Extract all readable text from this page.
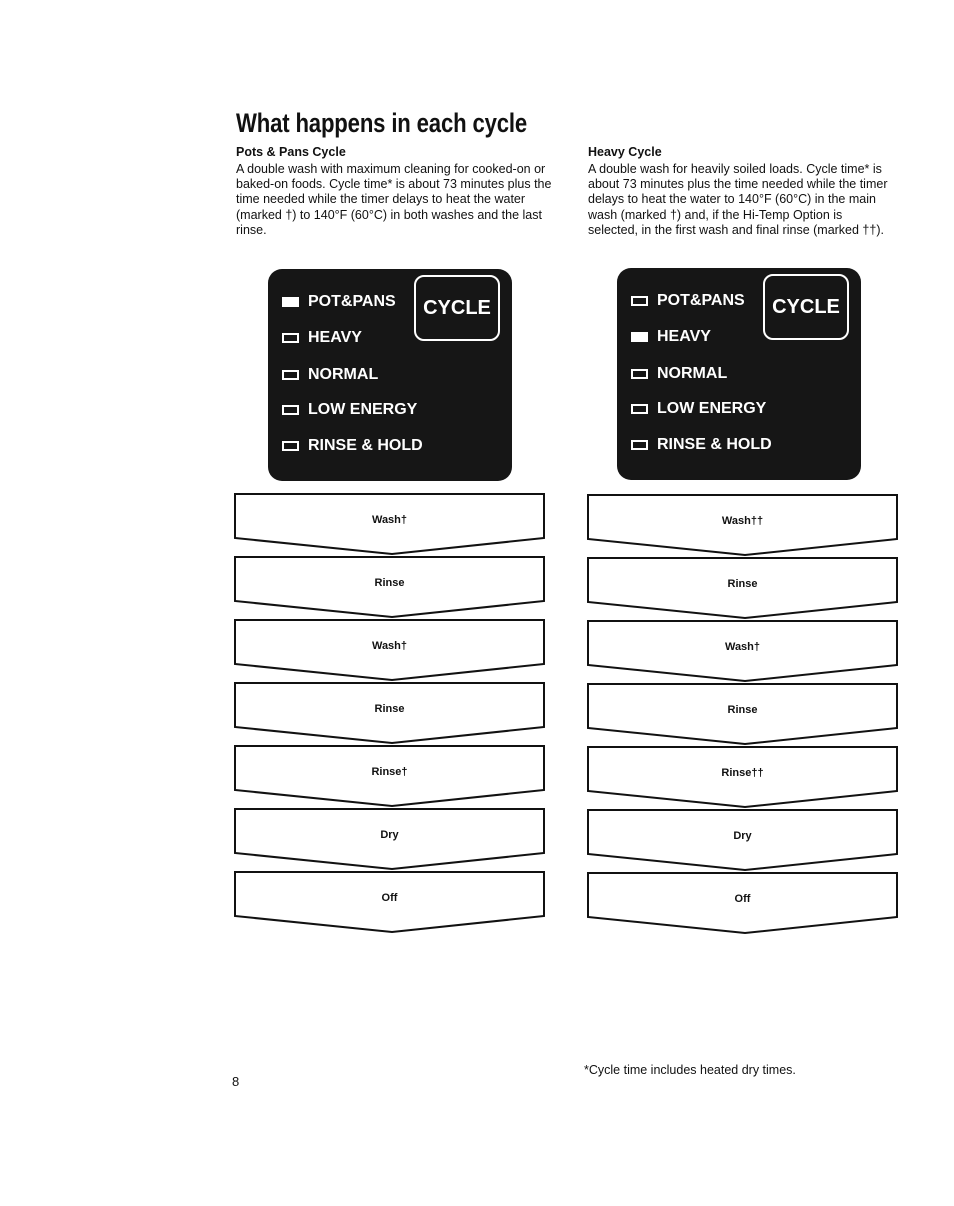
What happens in each cycle

Pots & Pans Cycle

A double wash with maximum cleaning for cooked-on or baked-on foods. Cycle time* is about 73 minutes plus the time needed while the timer delays to heat the water (marked †) to 140°F (60°C) in both washes and the last rinse.

Heavy Cycle

A double wash for heavily soiled loads. Cycle time* is about 73 minutes plus the time needed while the timer delays to heat the water to 140°F (60°C) in the main wash (marked †) and, if the Hi-Temp Option is selected, in the first wash and final rinse (marked ††).

CYCLE
POT&PANS
HEAVY
NORMAL
LOW ENERGY
RINSE & HOLD
CYCLE
POT&PANS
HEAVY
NORMAL
LOW ENERGY
RINSE & HOLD
Wash†
Rinse
Wash†
Rinse
Rinse†
Dry
Off
Wash††
Rinse
Wash†
Rinse
Rinse††
Dry
Off
*Cycle time includes heated dry times.
8
